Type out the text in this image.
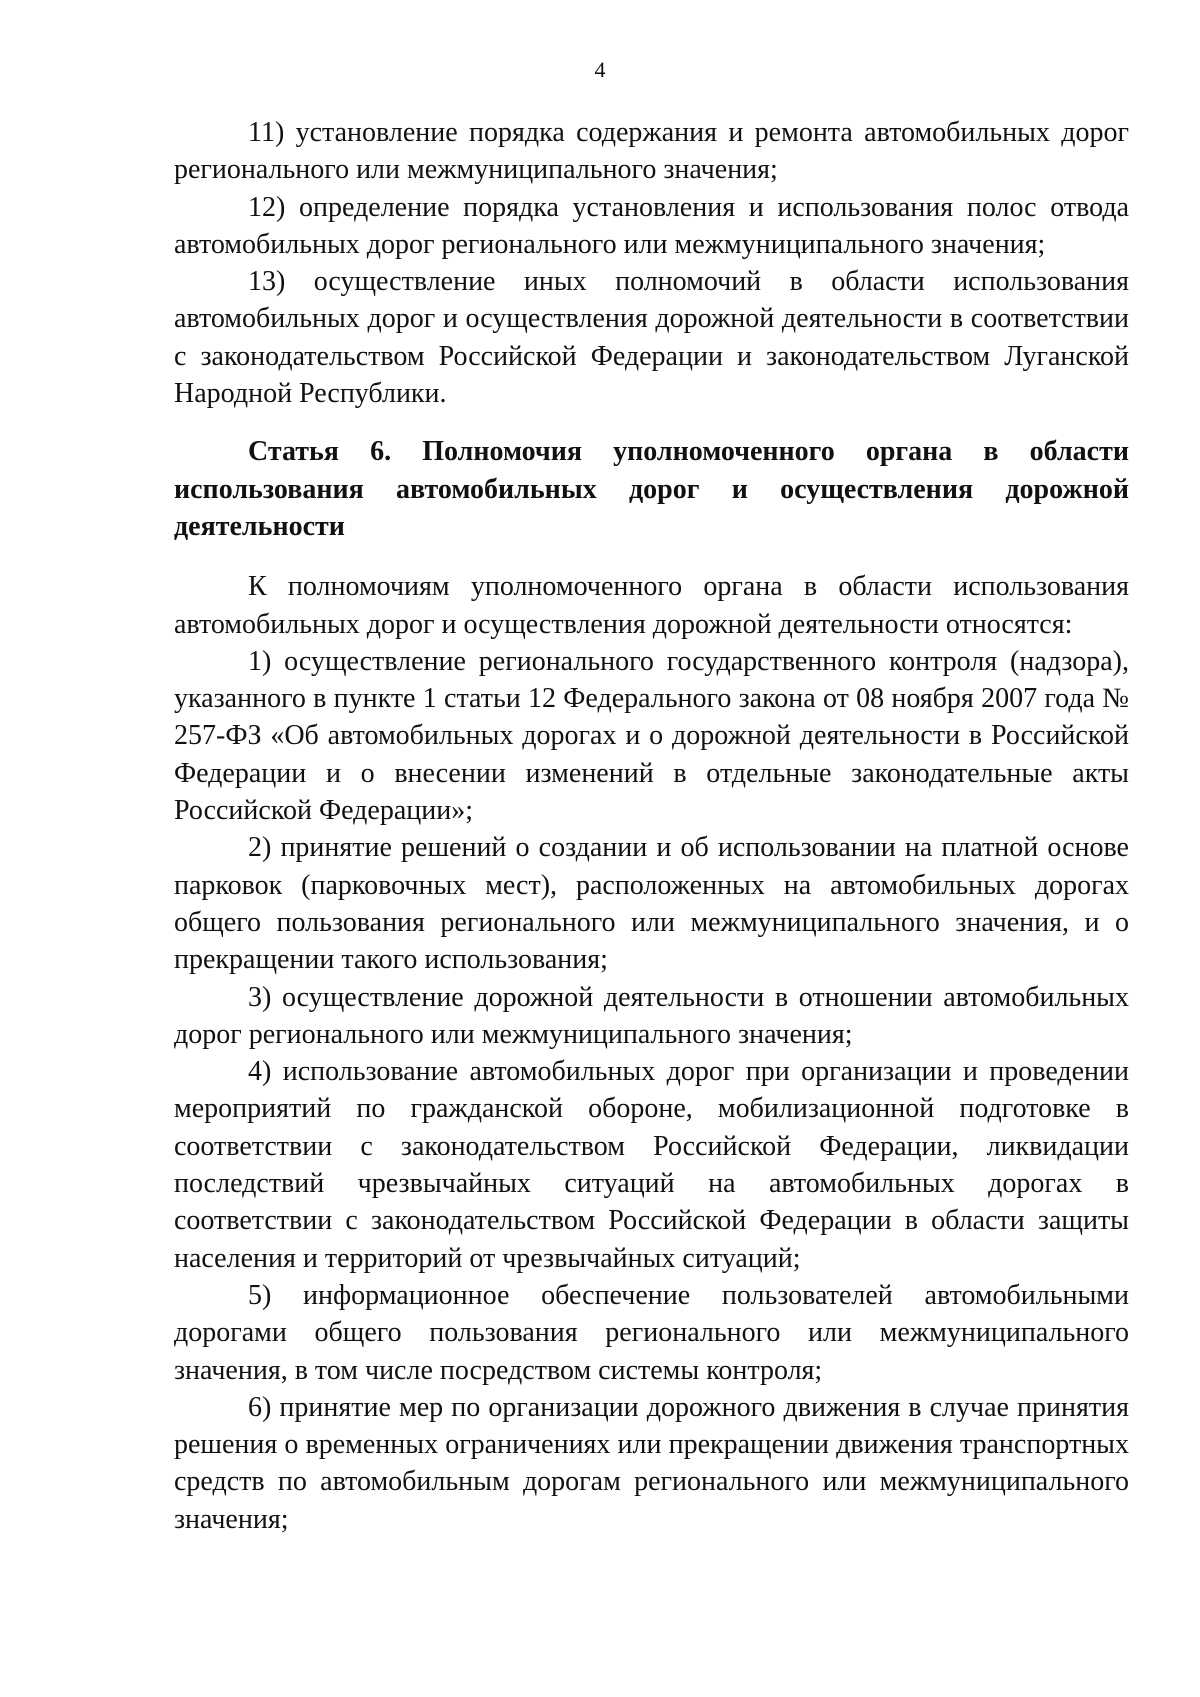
4

11) установление порядка содержания и ремонта автомобильных дорог регионального или межмуниципального значения;

12) определение порядка установления и использования полос отвода автомобильных дорог регионального или межмуниципального значения;

13) осуществление иных полномочий в области использования автомобильных дорог и осуществления дорожной деятельности в соответствии с законодательством Российской Федерации и законодательством Луганской Народной Республики.

Статья 6. Полномочия уполномоченного органа в области использования автомобильных дорог и осуществления дорожной деятельности

К полномочиям уполномоченного органа в области использования автомобильных дорог и осуществления дорожной деятельности относятся:

1) осуществление регионального государственного контроля (надзора), указанного в пункте 1 статьи 12 Федерального закона от 08 ноября 2007 года № 257-ФЗ «Об автомобильных дорогах и о дорожной деятельности в Российской Федерации и о внесении изменений в отдельные законодательные акты Российской Федерации»;

2) принятие решений о создании и об использовании на платной основе парковок (парковочных мест), расположенных на автомобильных дорогах общего пользования регионального или межмуниципального значения, и о прекращении такого использования;

3) осуществление дорожной деятельности в отношении автомобильных дорог регионального или межмуниципального значения;

4) использование автомобильных дорог при организации и проведении мероприятий по гражданской обороне, мобилизационной подготовке в соответствии с законодательством Российской Федерации, ликвидации последствий чрезвычайных ситуаций на автомобильных дорогах в соответствии с законодательством Российской Федерации в области защиты населения и территорий от чрезвычайных ситуаций;

5) информационное обеспечение пользователей автомобильными дорогами общего пользования регионального или межмуниципального значения, в том числе посредством системы контроля;

6) принятие мер по организации дорожного движения в случае принятия решения о временных ограничениях или прекращении движения транспортных средств по автомобильным дорогам регионального или межмуниципального значения;
